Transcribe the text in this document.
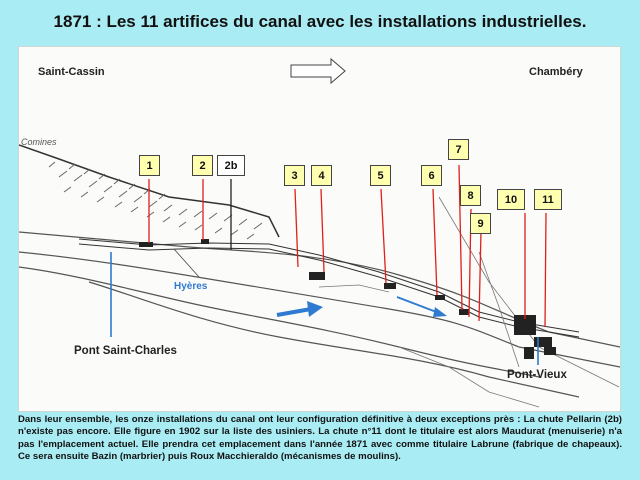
1871 : Les 11 artifices du canal avec les installations industrielles.
Saint-Cassin	Chambéry
Comines
Hyères
Pont Saint-Charles
Pont-Vieux
1	2	2b
3	4	5	6
7
8
9
10	11
Dans leur ensemble, les onze installations du canal ont leur configuration définitive à deux exceptions près : La chute Pellarin (2b) n'existe pas encore. Elle figure en 1902 sur la liste des usiniers. La chute n°11 dont le titulaire est alors Maudurat (menuiserie) n'a pas l'emplacement actuel. Elle prendra cet emplacement dans l'année 1871 avec comme titulaire Labrune (fabrique de chapeaux). Ce sera ensuite Bazin (marbrier) puis Roux Macchieraldo (mécanismes de moulins).
